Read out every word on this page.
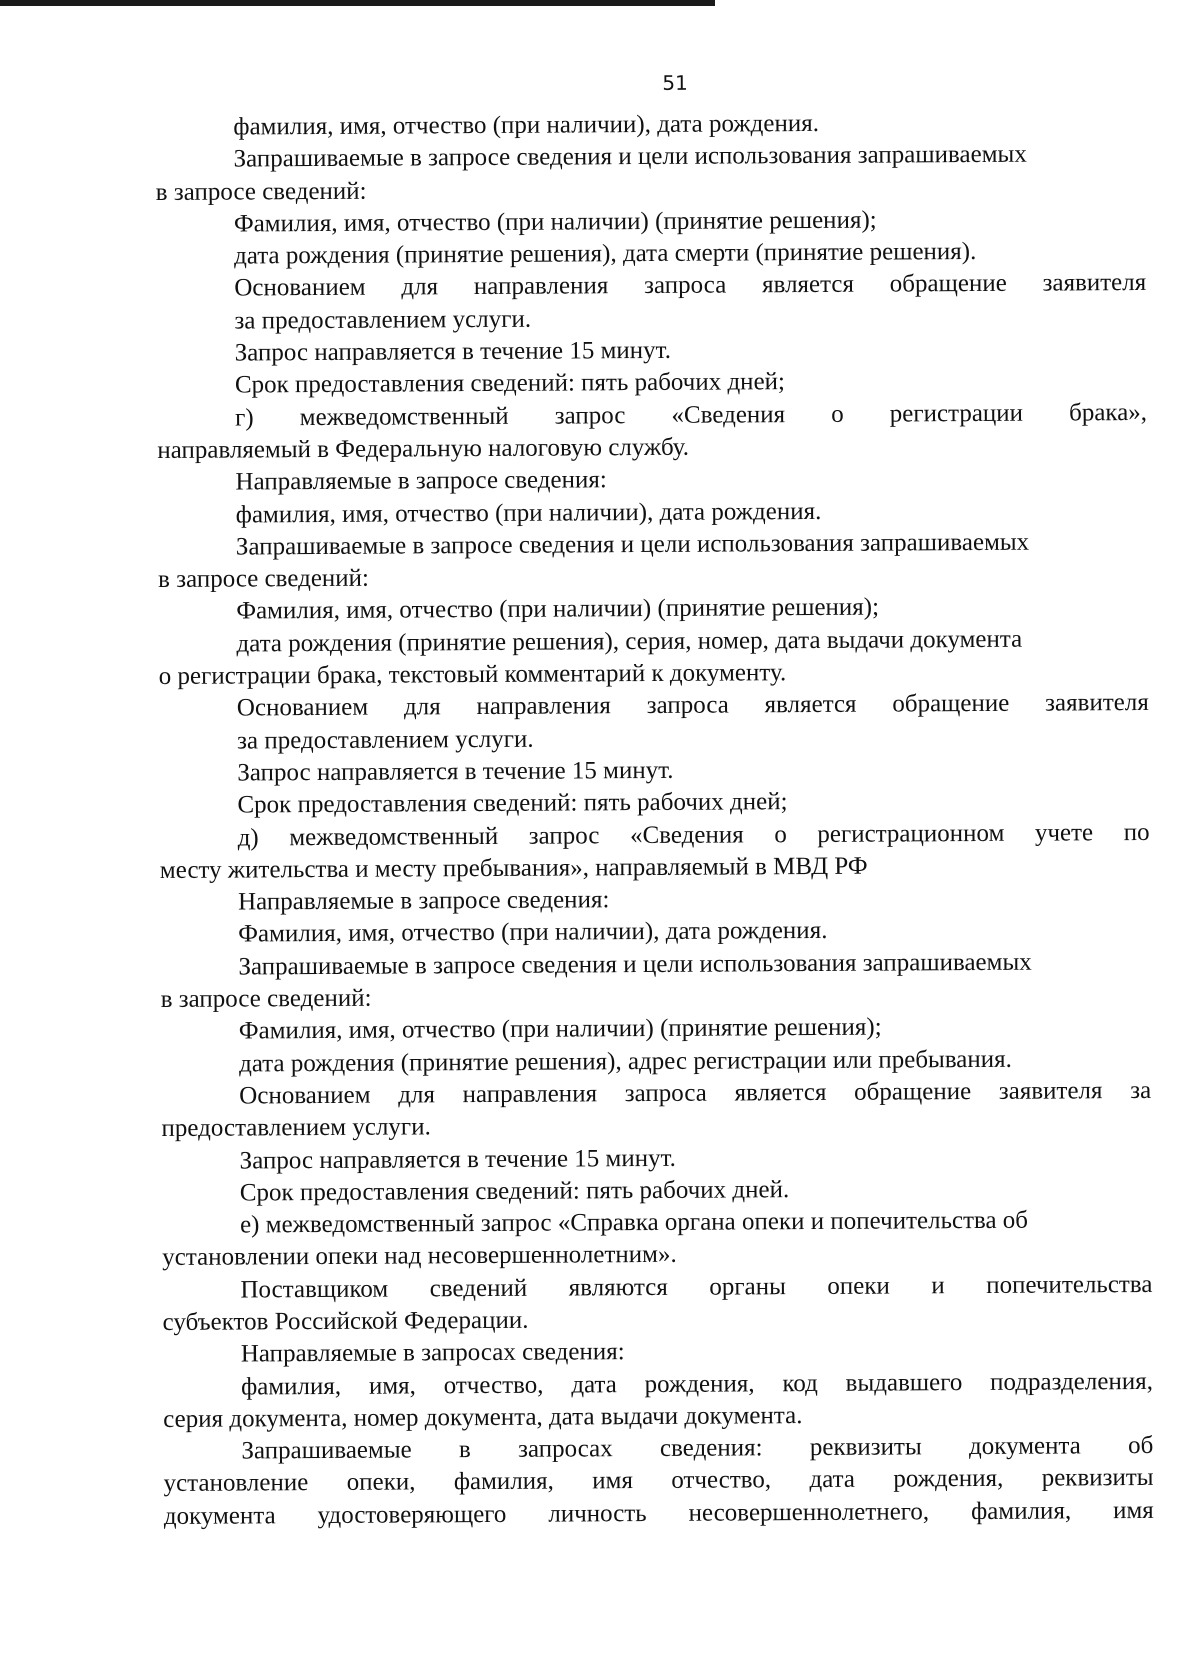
51
фамилия, имя, отчество (при наличии), дата рождения.
Запрашиваемые в запросе сведения и цели использования запрашиваемых
в запросе сведений:
Фамилия, имя, отчество (при наличии) (принятие решения);
дата рождения (принятие решения), дата смерти (принятие решения).
Основанием для направления запроса является обращение заявителя
за предоставлением услуги.
Запрос направляется в течение 15 минут.
Срок предоставления сведений: пять рабочих дней;
г) межведомственный запрос «Сведения о регистрации брака»,
направляемый в Федеральную налоговую службу.
Направляемые в запросе сведения:
фамилия, имя, отчество (при наличии), дата рождения.
Запрашиваемые в запросе сведения и цели использования запрашиваемых
в запросе сведений:
Фамилия, имя, отчество (при наличии) (принятие решения);
дата рождения (принятие решения), серия, номер, дата выдачи документа
о регистрации брака, текстовый комментарий к документу.
Основанием для направления запроса является обращение заявителя
за предоставлением услуги.
Запрос направляется в течение 15 минут.
Срок предоставления сведений: пять рабочих дней;
д) межведомственный запрос «Сведения о регистрационном учете по
месту жительства и месту пребывания», направляемый в МВД РФ
Направляемые в запросе сведения:
Фамилия, имя, отчество (при наличии), дата рождения.
Запрашиваемые в запросе сведения и цели использования запрашиваемых
в запросе сведений:
Фамилия, имя, отчество (при наличии) (принятие решения);
дата рождения (принятие решения), адрес регистрации или пребывания.
Основанием для направления запроса является обращение заявителя за
предоставлением услуги.
Запрос направляется в течение 15 минут.
Срок предоставления сведений: пять рабочих дней.
е) межведомственный запрос «Справка органа опеки и попечительства об
установлении опеки над несовершеннолетним».
Поставщиком сведений являются органы опеки и попечительства
субъектов Российской Федерации.
Направляемые в запросах сведения:
фамилия, имя, отчество, дата рождения, код выдавшего подразделения,
серия документа, номер документа, дата выдачи документа.
Запрашиваемые в запросах сведения: реквизиты документа об
установление опеки, фамилия, имя отчество, дата рождения, реквизиты
документа удостоверяющего личность несовершеннолетнего, фамилия, имя
